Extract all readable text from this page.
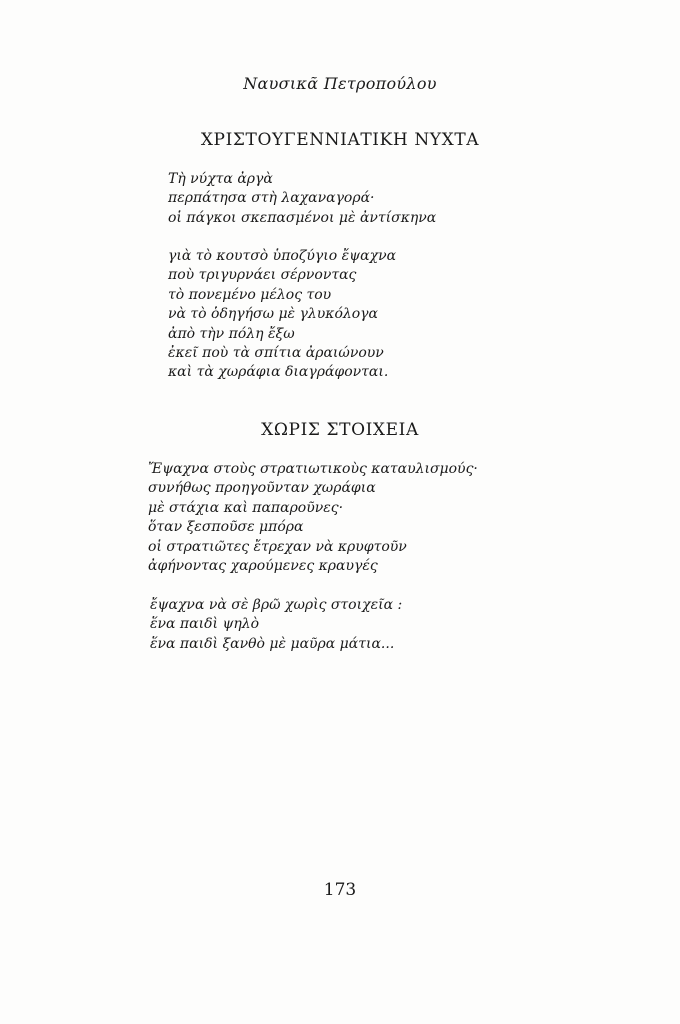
Ναυσικᾶ Πετροπούλου
ΧΡΙΣΤΟΥΓΕΝΝΙΑΤΙΚΗ ΝΥΧΤΑ
Τὴ νύχτα ἀργὰ
περπάτησα στὴ λαχαναγορά·
οἱ πάγκοι σκεπασμένοι μὲ ἀντίσκηνα
γιὰ τὸ κουτσὸ ὑποζύγιο ἔψαχνα
ποὺ τριγυρνάει σέρνοντας
τὸ πονεμένο μέλος του
νὰ τὸ ὁδηγήσω μὲ γλυκόλογα
ἀπὸ τὴν πόλη ἔξω
ἐκεῖ ποὺ τὰ σπίτια ἀραιώνουν
καὶ τὰ χωράφια διαγράφονται.
ΧΩΡΙΣ ΣΤΟΙΧΕΙΑ
Ἔψαχνα στοὺς στρατιωτικοὺς καταυλισμούς·
συνήθως προηγοῦνταν χωράφια
μὲ στάχια καὶ παπαροῦνες·
ὅταν ξεσποῦσε μπόρα
οἱ στρατιῶτες ἔτρεχαν νὰ κρυφτοῦν
ἀφήνοντας χαρούμενες κραυγές
ἔψαχνα νὰ σὲ βρῶ χωρὶς στοιχεῖα :
ἕνα παιδὶ ψηλὸ
ἕνα παιδὶ ξανθὸ μὲ μαῦρα μάτια...
173
